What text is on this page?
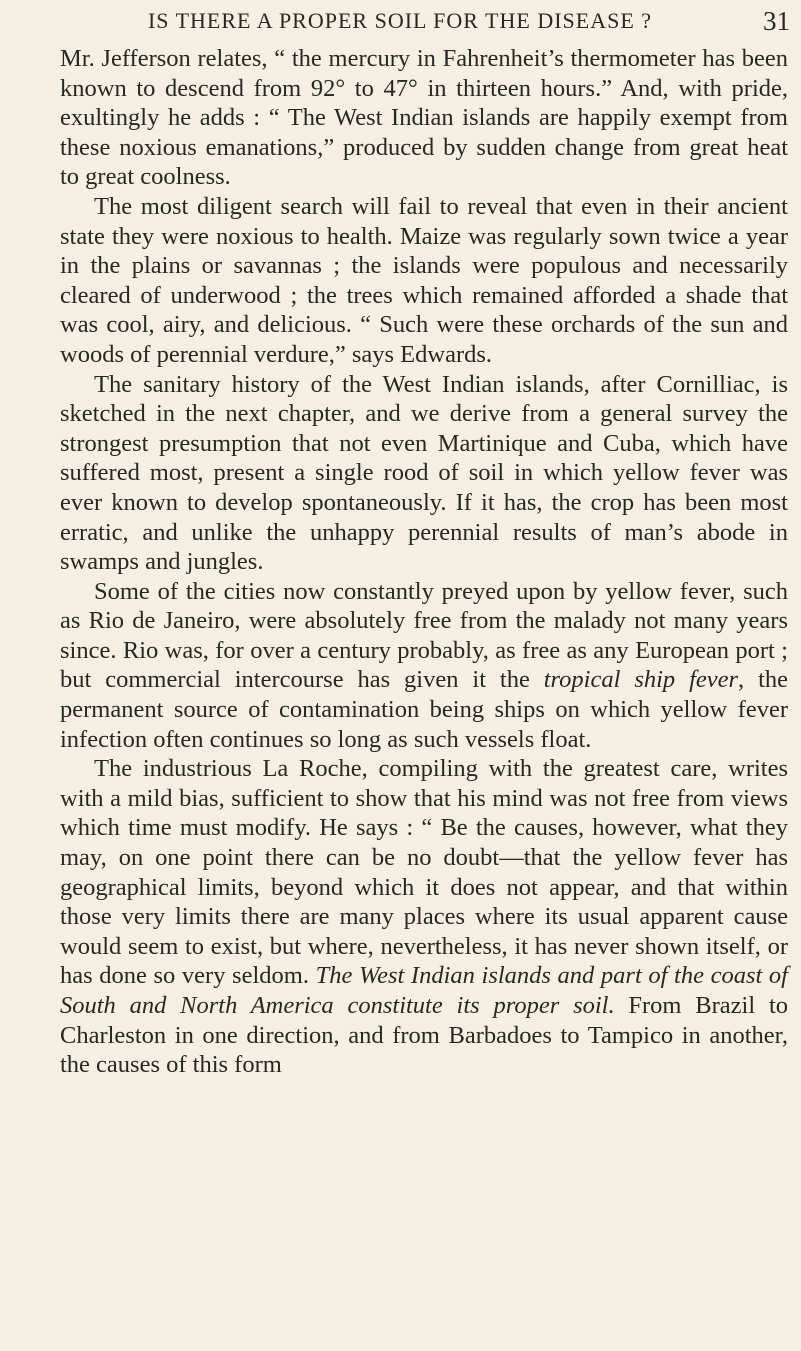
IS THERE A PROPER SOIL FOR THE DISEASE ?	31

Mr. Jefferson relates, “ the mercury in Fahrenheit’s thermometer has been known to descend from 92° to 47° in thirteen hours.” And, with pride, exultingly he adds : “ The West Indian islands are happily exempt from these noxious emanations,” produced by sudden change from great heat to great coolness.

The most diligent search will fail to reveal that even in their ancient state they were noxious to health. Maize was regularly sown twice a year in the plains or savannas ; the islands were populous and necessarily cleared of underwood ; the trees which remained afforded a shade that was cool, airy, and delicious. “ Such were these orchards of the sun and woods of perennial verdure,” says Edwards.

The sanitary history of the West Indian islands, after Cornilliac, is sketched in the next chapter, and we derive from a general survey the strongest presumption that not even Martinique and Cuba, which have suffered most, present a single rood of soil in which yellow fever was ever known to develop spontaneously. If it has, the crop has been most erratic, and unlike the unhappy perennial results of man’s abode in swamps and jungles.

Some of the cities now constantly preyed upon by yellow fever, such as Rio de Janeiro, were absolutely free from the malady not many years since. Rio was, for over a century probably, as free as any European port ; but commercial intercourse has given it the tropical ship fever, the permanent source of contamination being ships on which yellow fever infection often continues so long as such vessels float.

The industrious La Roche, compiling with the greatest care, writes with a mild bias, sufficient to show that his mind was not free from views which time must modify. He says : “ Be the causes, however, what they may, on one point there can be no doubt—that the yellow fever has geographical limits, beyond which it does not appear, and that within those very limits there are many places where its usual apparent cause would seem to exist, but where, nevertheless, it has never shown itself, or has done so very seldom. The West Indian islands and part of the coast of South and North America constitute its proper soil. From Brazil to Charleston in one direction, and from Barbadoes to Tampico in another, the causes of this form
